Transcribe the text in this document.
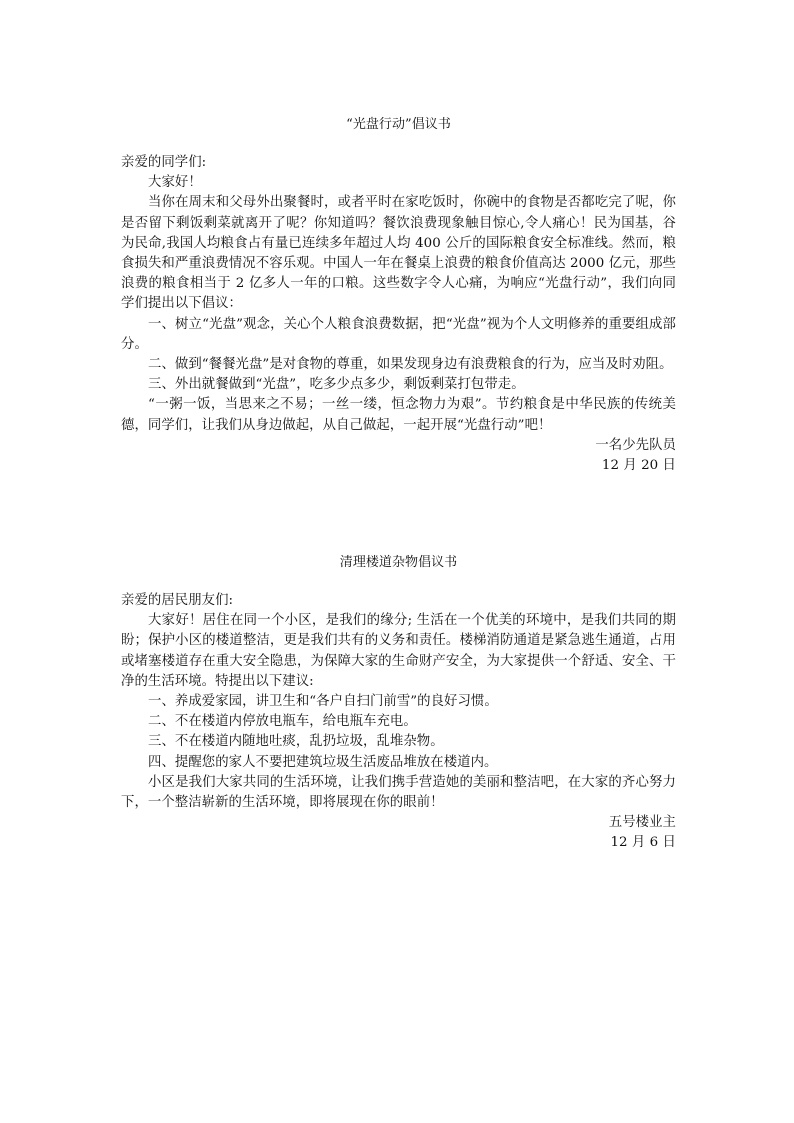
“光盘行动”倡议书

亲爱的同学们:

大家好！

当你在周末和父母外出聚餐时，或者平时在家吃饭时，你碗中的食物是否都吃完了呢，你是否留下剩饭剩菜就离开了呢？你知道吗？餐饮浪费现象触目惊心,令人痛心！民为国基，谷为民命,我国人均粮食占有量已连续多年超过人均 400 公斤的国际粮食安全标准线。然而，粮食损失和严重浪费情况不容乐观。中国人一年在餐桌上浪费的粮食价值高达 2000 亿元，那些浪费的粮食相当于 2 亿多人一年的口粮。这些数字令人心痛，为响应“光盘行动”，我们向同学们提出以下倡议：

一、树立“光盘”观念，关心个人粮食浪费数据，把“光盘”视为个人文明修养的重要组成部分。

二、做到“餐餐光盘”是对食物的尊重，如果发现身边有浪费粮食的行为，应当及时劝阻。

三、外出就餐做到“光盘”，吃多少点多少，剩饭剩菜打包带走。

“一粥一饭，当思来之不易；一丝一缕，恒念物力为艰”。节约粮食是中华民族的传统美德，同学们，让我们从身边做起，从自己做起，一起开展“光盘行动”吧！

一名少先队员

12 月 20 日

清理楼道杂物倡议书

亲爱的居民朋友们:

大家好！居住在同一个小区，是我们的缘分; 生活在一个优美的环境中，是我们共同的期盼；保护小区的楼道整洁，更是我们共有的义务和责任。楼梯消防通道是紧急逃生通道，占用或堵塞楼道存在重大安全隐患，为保障大家的生命财产安全，为大家提供一个舒适、安全、干净的生活环境。特提出以下建议:

一、养成爱家园，讲卫生和“各户自扫门前雪”的良好习惯。

二、不在楼道内停放电瓶车，给电瓶车充电。

三、不在楼道内随地吐痰，乱扔垃圾，乱堆杂物。

四、提醒您的家人不要把建筑垃圾生活废品堆放在楼道内。

小区是我们大家共同的生活环境，让我们携手营造她的美丽和整洁吧，在大家的齐心努力下，一个整洁崭新的生活环境，即将展现在你的眼前！

五号楼业主

12 月 6 日
